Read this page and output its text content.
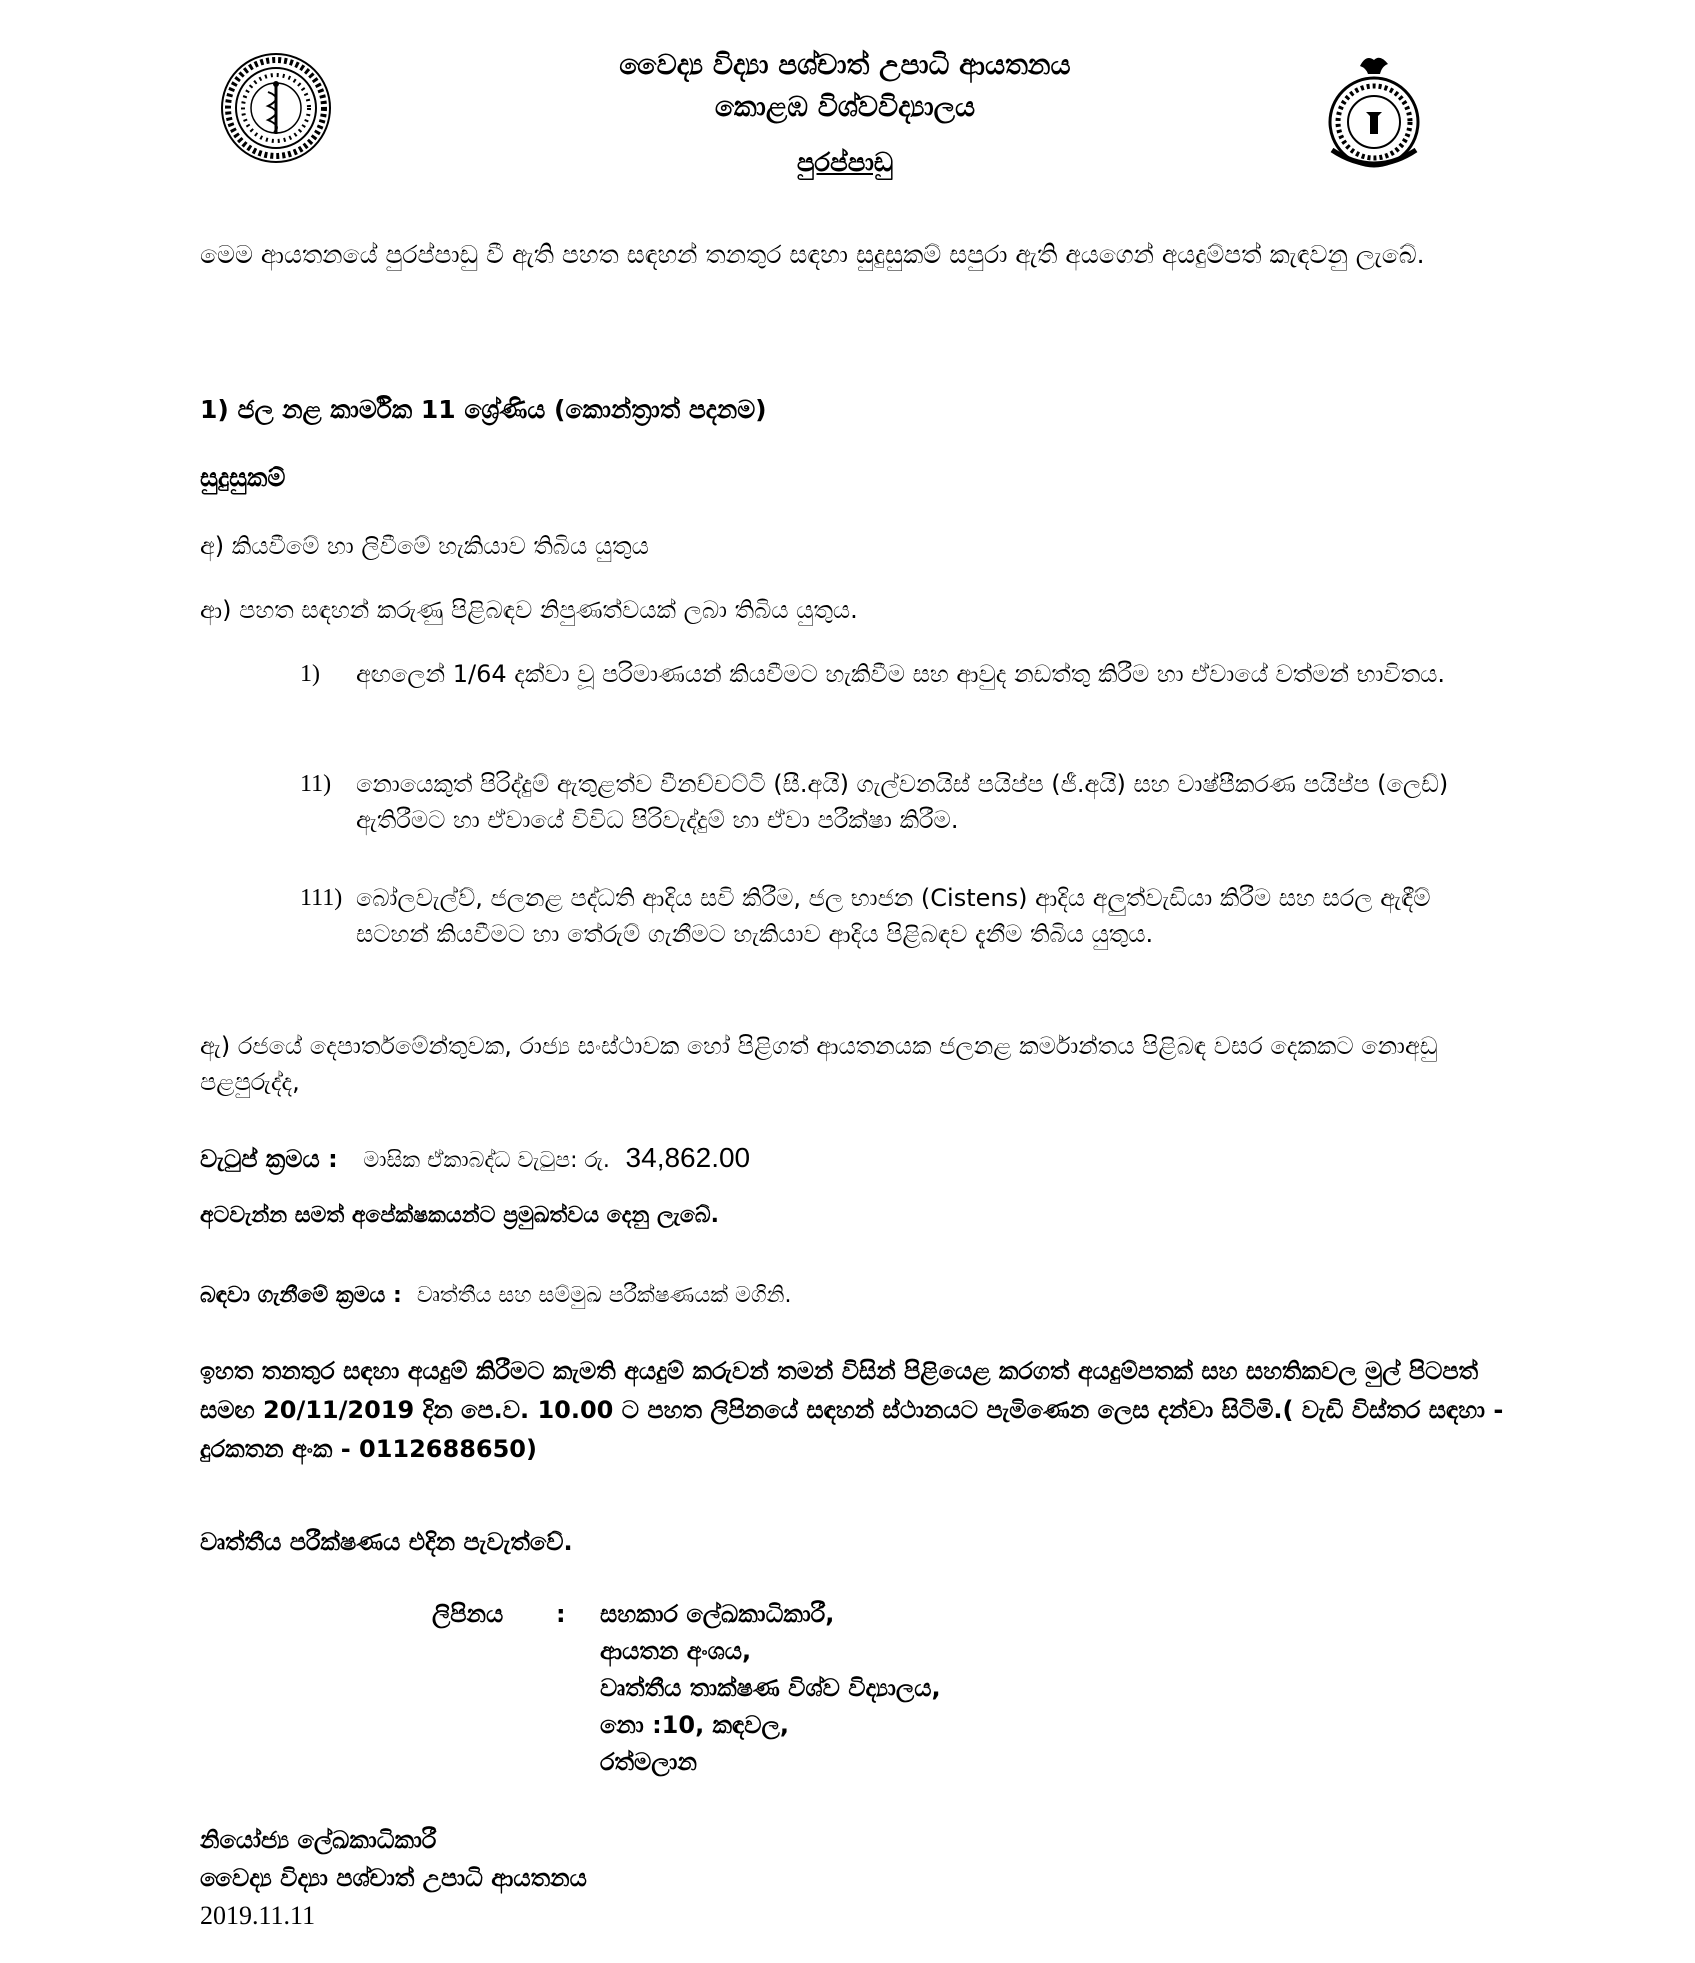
වෛද්‍ය විද්‍යා පශ්චාත් උපාධි ආයතනය
කොළඹ විශ්වවිද්‍යාලය
පුරප්පාඩු
මෙම ආයතනයේ පුරප්පාඩු වී ඇති පහත සඳහන් තනතුර සඳහා සුදුසුකම් සපුරා ඇති අයගෙන් අයදුම්පත් කැඳවනු ලැබේ.
1) ජල නළ කාර්මික 11 ශ්‍රේණිය (කොන්ත්‍රාත් පදනම)
සුදුසුකම්
අ) කියවීමේ හා ලිවීමේ හැකියාව තිබිය යුතුය
ආ) පහත සඳහන් කරුණු පිළිබඳව නිපුණත්වයක් ලබා තිබිය යුතුය.
1) අඟලෙන් 1/64 දක්වා වූ පරිමාණයන් කියවීමට හැකිවීම සහ ආවුද නඩත්තු කිරීම හා ඒවායේ වත්මන් භාවිතය.
11) නොයෙකුත් පිරිද්දුම් ඇතුළත්ව වීනච්චට්ටි (සී.අයි) ගැල්වනයිස් පයිප්ප (ජී.අයි) සහ වාෂ්පීකරණ පයිප්ප (ලෙඩ්) ඇතිරීමට හා ඒවායේ විවිධ පිරිවැද්දුම් හා ඒවා පරීක්ෂා කිරීම.
111) බෝලවැල්ව්, ජලනළ පද්ධති ආදිය සවි කිරීම, ජල භාජන (Cistens) ආදිය අලුත්වැඩියා කිරීම සහ සරල ඇඳීම් සටහන් කියවීමට හා තේරුම් ගැනීමට හැකියාව ආදිය පිළිබඳව දැනීම තිබිය යුතුය.
ඇ) රජයේ දෙපාර්තමේන්තුවක, රාජ්‍ය සංස්ථාවක හෝ පිළිගත් ආයතනයක ජලනළ කර්මාන්තය පිළිබඳ වසර දෙකකට නොඅඩු පළපුරුද්ද,
වැටුප් ක්‍රමය : මාසික ඒකාබද්ධ වැටුප: රු. 34,862.00
අටවැන්න සමත් අපේක්ෂකයන්ට ප්‍රමුඛත්වය දෙනු ලැබේ.
බඳවා ගැනීමේ ක්‍රමය : වෘත්තීය සහ සම්මුඛ පරීක්ෂණයක් මගිනි.
ඉහත තනතුර සඳහා අයදුම් කිරීමට කැමති අයදුම් කරුවන් තමන් විසින් පිළියෙළ කරගත් අයදුම්පතක් සහ සහතිකවල මුල් පිටපත් සමඟ 20/11/2019 දින පෙ.ව. 10.00 ට පහත ලිපිනයේ සඳහන් ස්ථානයට පැමිණෙන ලෙස දන්වා සිටිමි.( වැඩි විස්තර සඳහා - දුරකතන අංක - 0112688650)
වෘත්තීය පරීක්ෂණය එදින පැවැත්වේ.
ලිපිනය : සහකාර ලේඛකාධිකාරී,
ආයතන අංශය,
වෘත්තීය තාක්ෂණ විශ්ව විද්‍යාලය,
නො :10, කඳවල,
රත්මලාන
නියෝජ්‍ය ලේඛකාධිකාරී
වෛද්‍ය විද්‍යා පශ්චාත් උපාධි ආයතනය
2019.11.11
